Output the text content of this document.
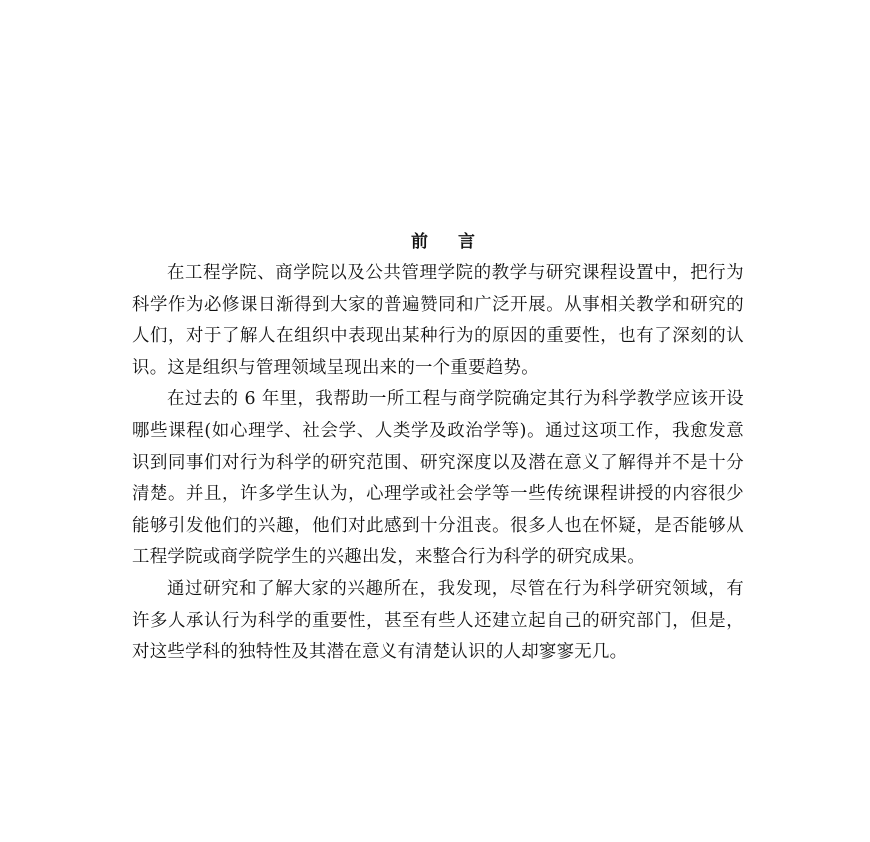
前 言

在工程学院、商学院以及公共管理学院的教学与研究课程设置中，把行为科学作为必修课日渐得到大家的普遍赞同和广泛开展。从事相关教学和研究的人们，对于了解人在组织中表现出某种行为的原因的重要性，也有了深刻的认识。这是组织与管理领域呈现出来的一个重要趋势。

在过去的 6 年里，我帮助一所工程与商学院确定其行为科学教学应该开设哪些课程(如心理学、社会学、人类学及政治学等)。通过这项工作，我愈发意识到同事们对行为科学的研究范围、研究深度以及潜在意义了解得并不是十分清楚。并且，许多学生认为，心理学或社会学等一些传统课程讲授的内容很少能够引发他们的兴趣，他们对此感到十分沮丧。很多人也在怀疑，是否能够从工程学院或商学院学生的兴趣出发，来整合行为科学的研究成果。

通过研究和了解大家的兴趣所在，我发现，尽管在行为科学研究领域，有许多人承认行为科学的重要性，甚至有些人还建立起自己的研究部门，但是，对这些学科的独特性及其潜在意义有清楚认识的人却寥寥无几。
